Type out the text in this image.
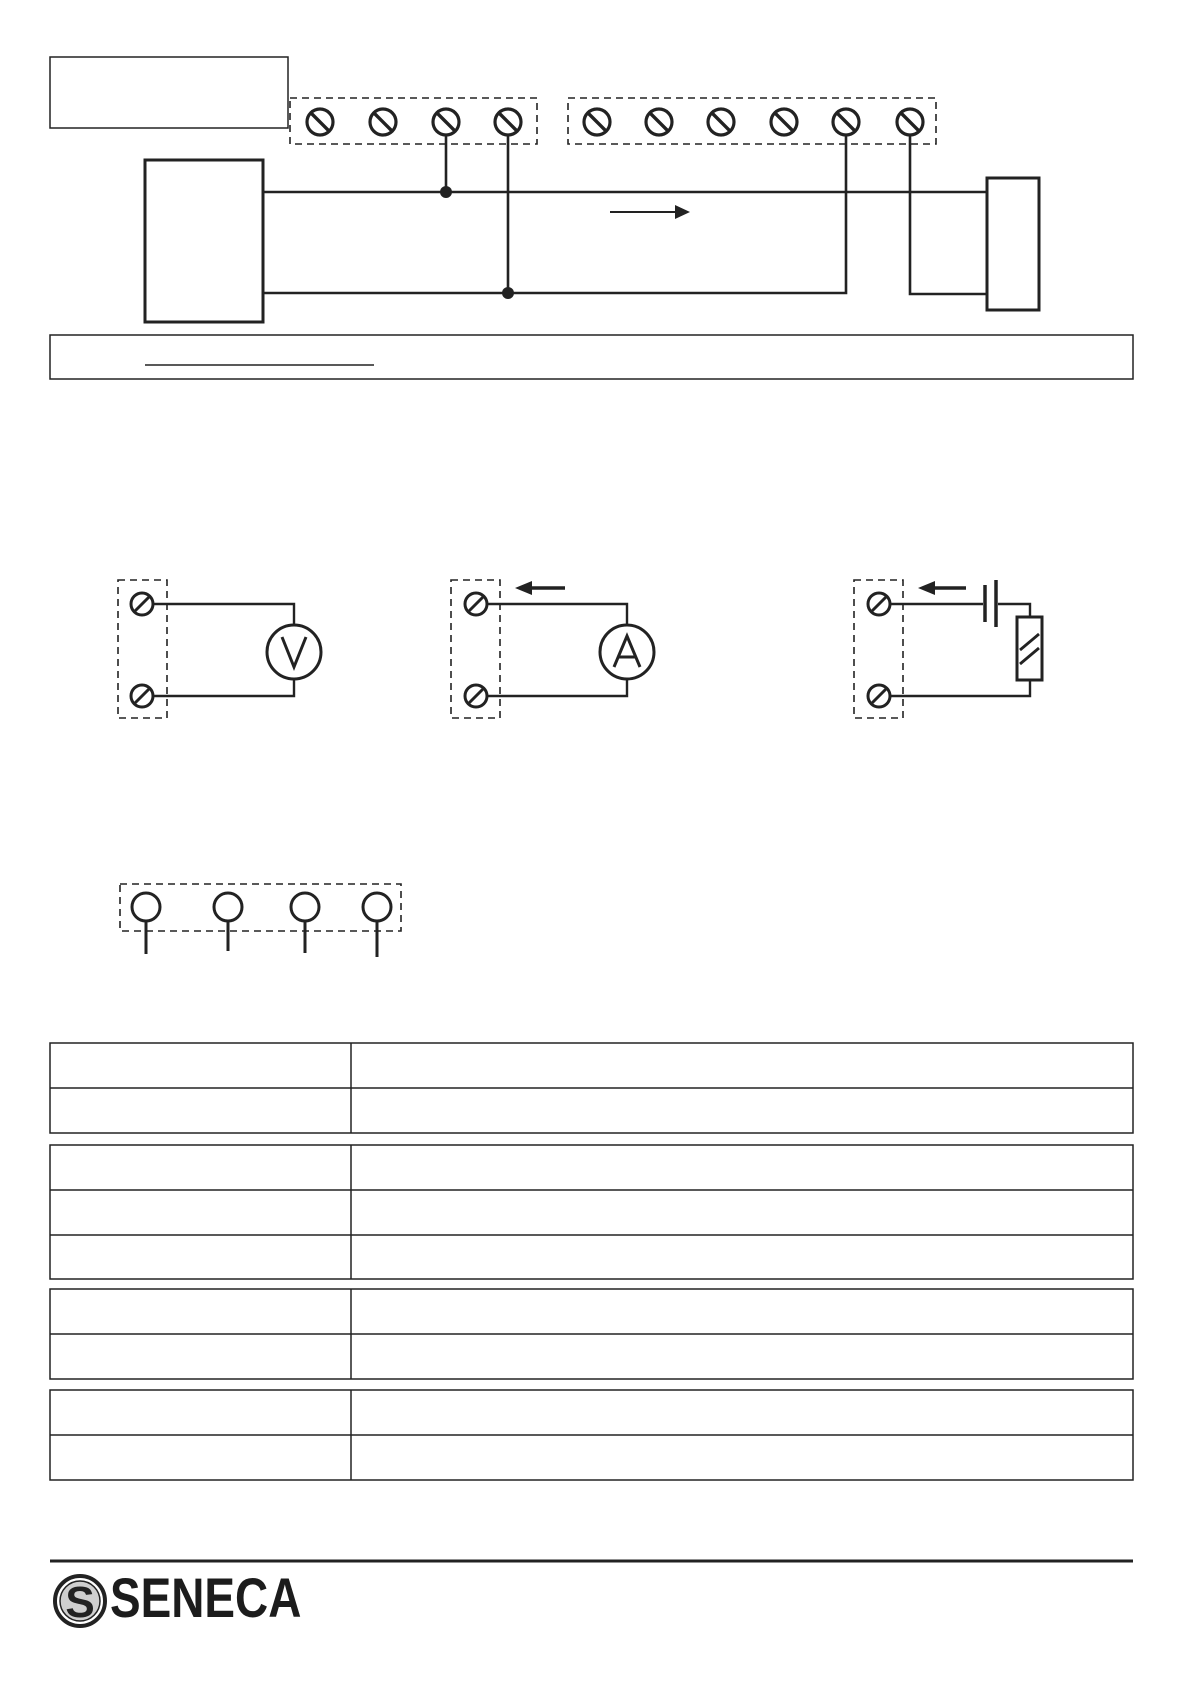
S SENECA
